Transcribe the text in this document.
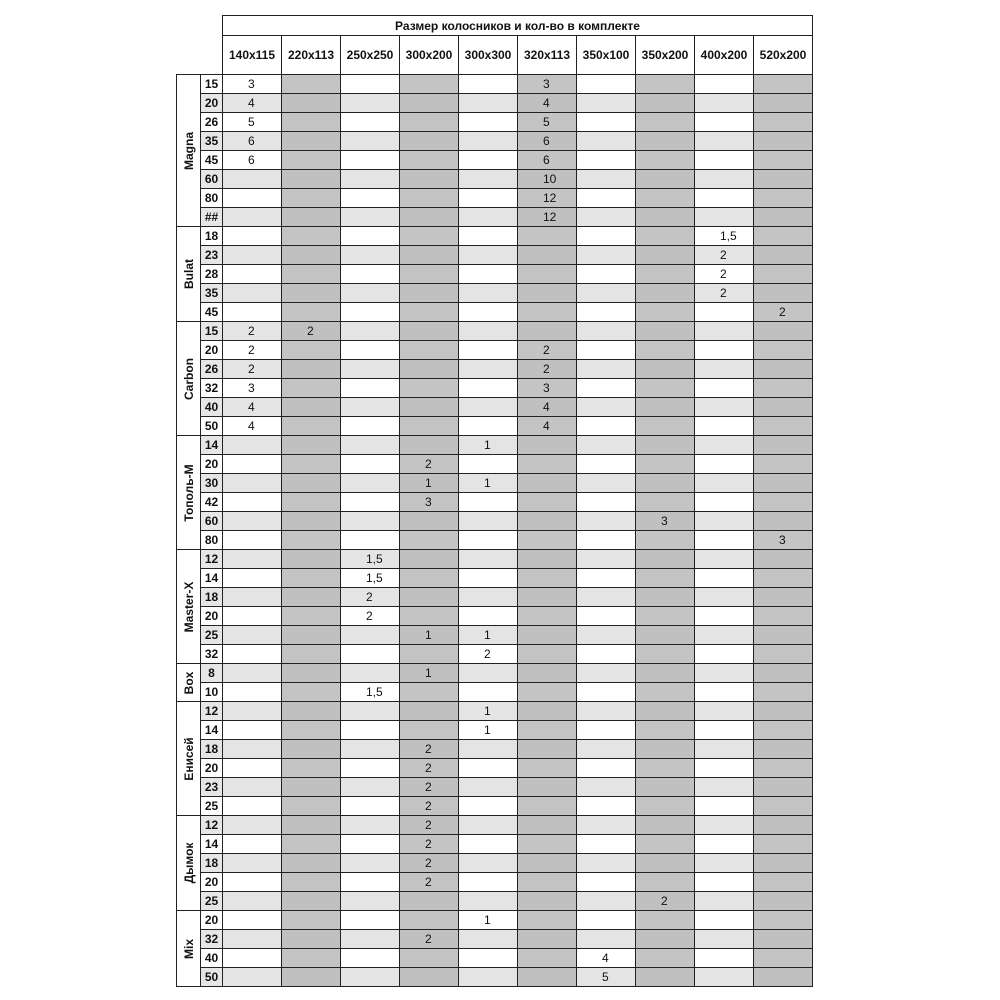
		Размер колосников и кол-во в комплекте									
		140x115	220x113	250x250	300x200	300x300	320x113	350x100	350x200	400x200	520x200

Magna	15	3					3				
	20	4					4				
	26	5					5				
	35	6					6				
	45	6					6				
	60						10				
	80						12				
	##						12				

Bulat	18									1,5	
	23									2	
	28									2	
	35									2	
	45										2

Carbon	15	2	2								
	20	2					2				
	26	2					2				
	32	3					3				
	40	4					4				
	50	4					4				

Тополь-М	14					1					
	20				2						
	30				1	1					
	42				3						
	60								3		
	80										3

Master-X	12			1,5							
	14			1,5							
	18			2							
	20			2							
	25				1	1					
	32					2					

Box	8				1						
	10			1,5							

Енисей	12					1					
	14					1					
	18				2						
	20				2						
	23				2						
	25				2						

Дымок	12				2						
	14				2						
	18				2						
	20				2						
	25								2		

Mix	20					1					
	32				2						
	40							4			
	50							5			
